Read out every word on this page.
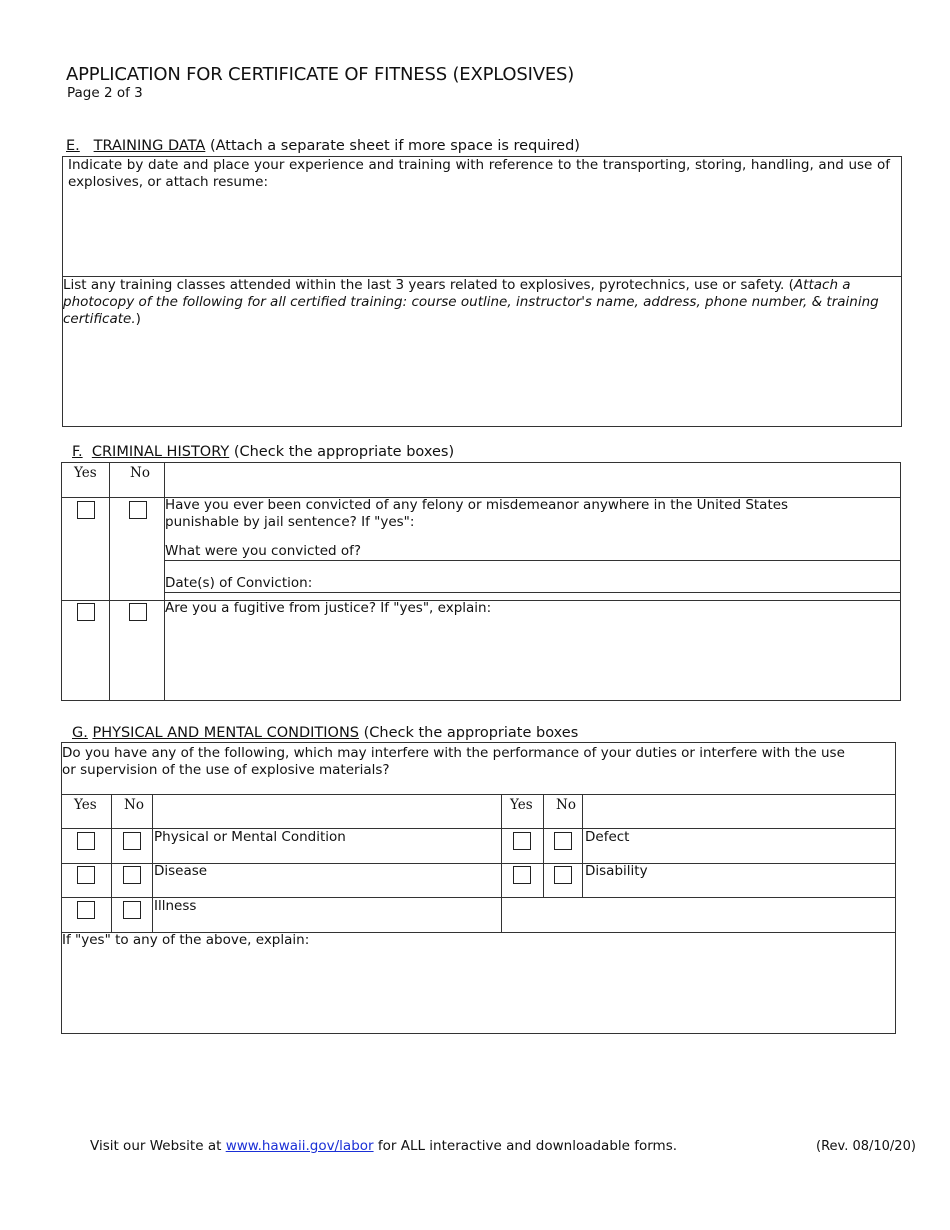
APPLICATION FOR CERTIFICATE OF FITNESS (EXPLOSIVES)
Page 2 of 3
E. TRAINING DATA (Attach a separate sheet if more space is required)
Indicate by date and place your experience and training with reference to the transporting, storing, handling, and use of explosives, or attach resume:
List any training classes attended within the last 3 years related to explosives, pyrotechnics, use or safety. (Attach a photocopy of the following for all certified training: course outline, instructor's name, address, phone number, & training certificate.)
F. CRIMINAL HISTORY (Check the appropriate boxes)
Yes No
Have you ever been convicted of any felony or misdemeanor anywhere in the United States punishable by jail sentence? If "yes":
What were you convicted of?
Date(s) of Conviction:
Are you a fugitive from justice? If "yes", explain:
G. PHYSICAL AND MENTAL CONDITIONS (Check the appropriate boxes
Do you have any of the following, which may interfere with the performance of your duties or interfere with the use or supervision of the use of explosive materials?
Yes No	Yes No
Physical or Mental Condition
Disease
Illness
Defect
Disability
If "yes" to any of the above, explain:
Visit our Website at www.hawaii.gov/labor for ALL interactive and downloadable forms.	(Rev. 08/10/20)
